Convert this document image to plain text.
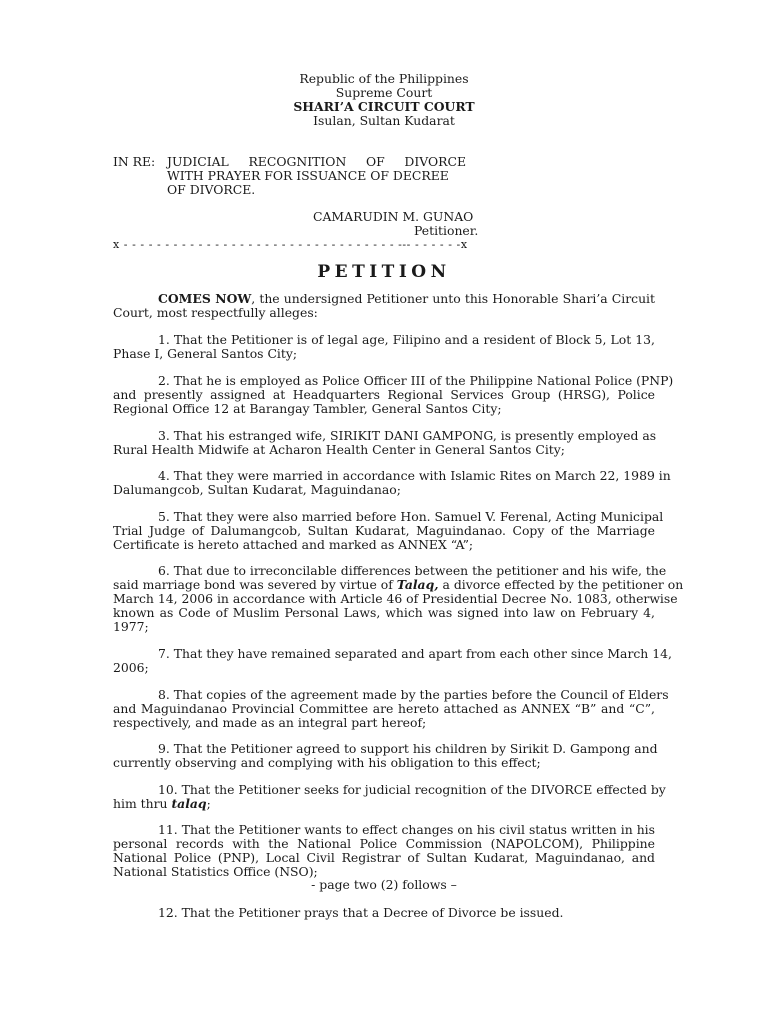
Republic of the Philippines
Supreme Court
SHARI’A CIRCUIT COURT
Isulan, Sultan Kudarat
IN RE: JUDICIAL    RECOGNITION    OF    DIVORCE
WITH PRAYER FOR ISSUANCE OF DECREE
OF DIVORCE.
CAMARUDIN M. GUNAO
Petitioner.
x - - - - - - - - - - - - - - - - - - - - - - - - - - - - - - - - - --- - - - - - -x
PETITION
COMES NOW, the undersigned Petitioner unto this Honorable Shari’a Circuit
Court, most respectfully alleges:
1. That the Petitioner is of legal age, Filipino and a resident of Block 5, Lot 13,
Phase I, General Santos City;
2. That he is employed as Police Officer III of the Philippine National Police (PNP)
and presently assigned at Headquarters Regional Services Group (HRSG), Police
Regional Office 12 at Barangay Tambler, General Santos City;
3. That his estranged wife, SIRIKIT DANI GAMPONG, is presently employed as
Rural Health Midwife at Acharon Health Center in General Santos City;
4. That they were married in accordance with Islamic Rites on March 22, 1989 in
Dalumangcob, Sultan Kudarat, Maguindanao;
5. That they were also married before Hon. Samuel V. Ferenal, Acting Municipal
Trial Judge of Dalumangcob, Sultan Kudarat, Maguindanao. Copy of the Marriage
Certificate is hereto attached and marked as ANNEX “A”;
6. That due to irreconcilable differences between the petitioner and his wife, the
said marriage bond was severed by virtue of Talaq, a divorce effected by the petitioner on
March 14, 2006 in accordance with Article 46 of Presidential Decree No. 1083, otherwise
known as Code of Muslim Personal Laws, which was signed into law on February 4,
1977;
7. That they have remained separated and apart from each other since March 14,
2006;
8. That copies of the agreement made by the parties before the Council of Elders
and Maguindanao Provincial Committee are hereto attached as ANNEX “B” and “C”,
respectively, and made as an integral part hereof;
9. That the Petitioner agreed to support his children by Sirikit D. Gampong and
currently observing and complying with his obligation to this effect;
10. That the Petitioner seeks for judicial recognition of the DIVORCE effected by
him thru talaq;
11. That the Petitioner wants to effect changes on his civil status written in his
personal records with the National Police Commission (NAPOLCOM), Philippine
National Police (PNP), Local Civil Registrar of Sultan Kudarat, Maguindanao, and
National Statistics Office (NSO);
- page two (2) follows –
12. That the Petitioner prays that a Decree of Divorce be issued.
